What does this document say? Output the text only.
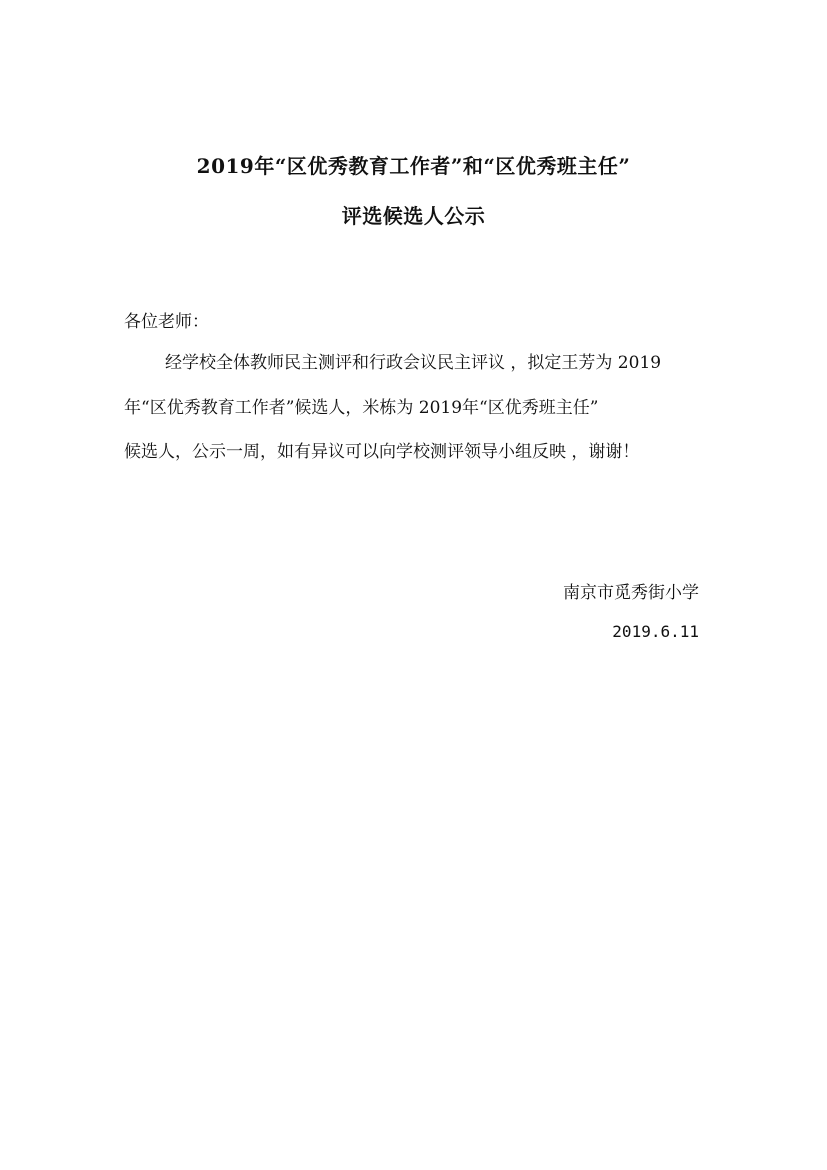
2019年“区优秀教育工作者”和“区优秀班主任”
评选候选人公示
各位老师：
经学校全体教师民主测评和行政会议民主评议 ，拟定王芳为 2019
年“区优秀教育工作者”候选人，米栋为 2019年“区优秀班主任”
候选人，公示一周，如有异议可以向学校测评领导小组反映 ，谢谢！
南京市觅秀街小学
2019.6.11
